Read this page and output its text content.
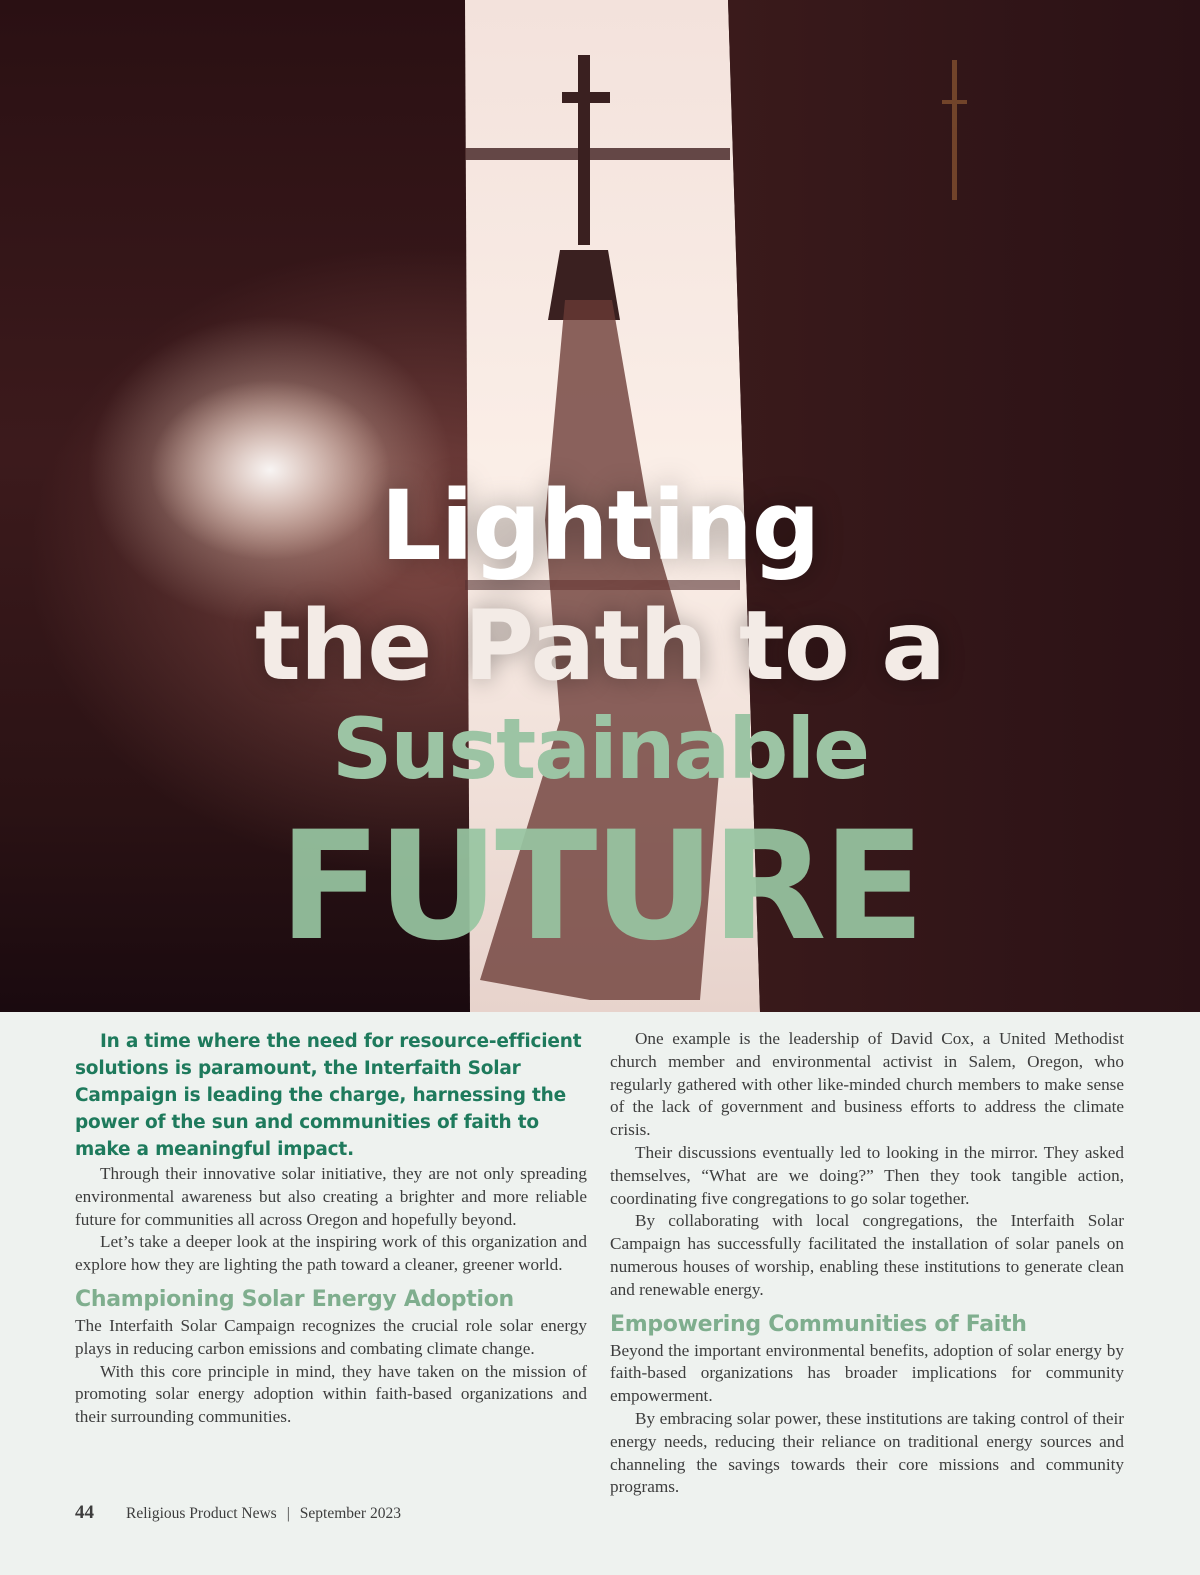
Lighting
the Path to a
Sustainable
FUTURE

In a time where the need for resource-efficient solutions is paramount, the Interfaith Solar Campaign is leading the charge, harnessing the power of the sun and communities of faith to make a meaningful impact.

Through their innovative solar initiative, they are not only spreading environmental awareness but also creating a brighter and more reliable future for communities all across Oregon and hopefully beyond.

Let’s take a deeper look at the inspiring work of this organization and explore how they are lighting the path toward a cleaner, greener world.

Championing Solar Energy Adoption

The Interfaith Solar Campaign recognizes the crucial role solar energy plays in reducing carbon emissions and combating climate change.

With this core principle in mind, they have taken on the mission of promoting solar energy adoption within faith-based organizations and their surrounding communities.

One example is the leadership of David Cox, a United Methodist church member and environmental activist in Salem, Oregon, who regularly gathered with other like-minded church members to make sense of the lack of government and business efforts to address the climate crisis.

Their discussions eventually led to looking in the mirror. They asked themselves, “What are we doing?” Then they took tangible action, coordinating five congregations to go solar together.

By collaborating with local congregations, the Interfaith Solar Campaign has successfully facilitated the installation of solar panels on numerous houses of worship, enabling these institutions to generate clean and renewable energy.

Empowering Communities of Faith

Beyond the important environmental benefits, adoption of solar energy by faith-based organizations has broader implications for community empowerment.

By embracing solar power, these institutions are taking control of their energy needs, reducing their reliance on traditional energy sources and channeling the savings towards their core missions and community programs.

44 Religious Product News | September 2023
